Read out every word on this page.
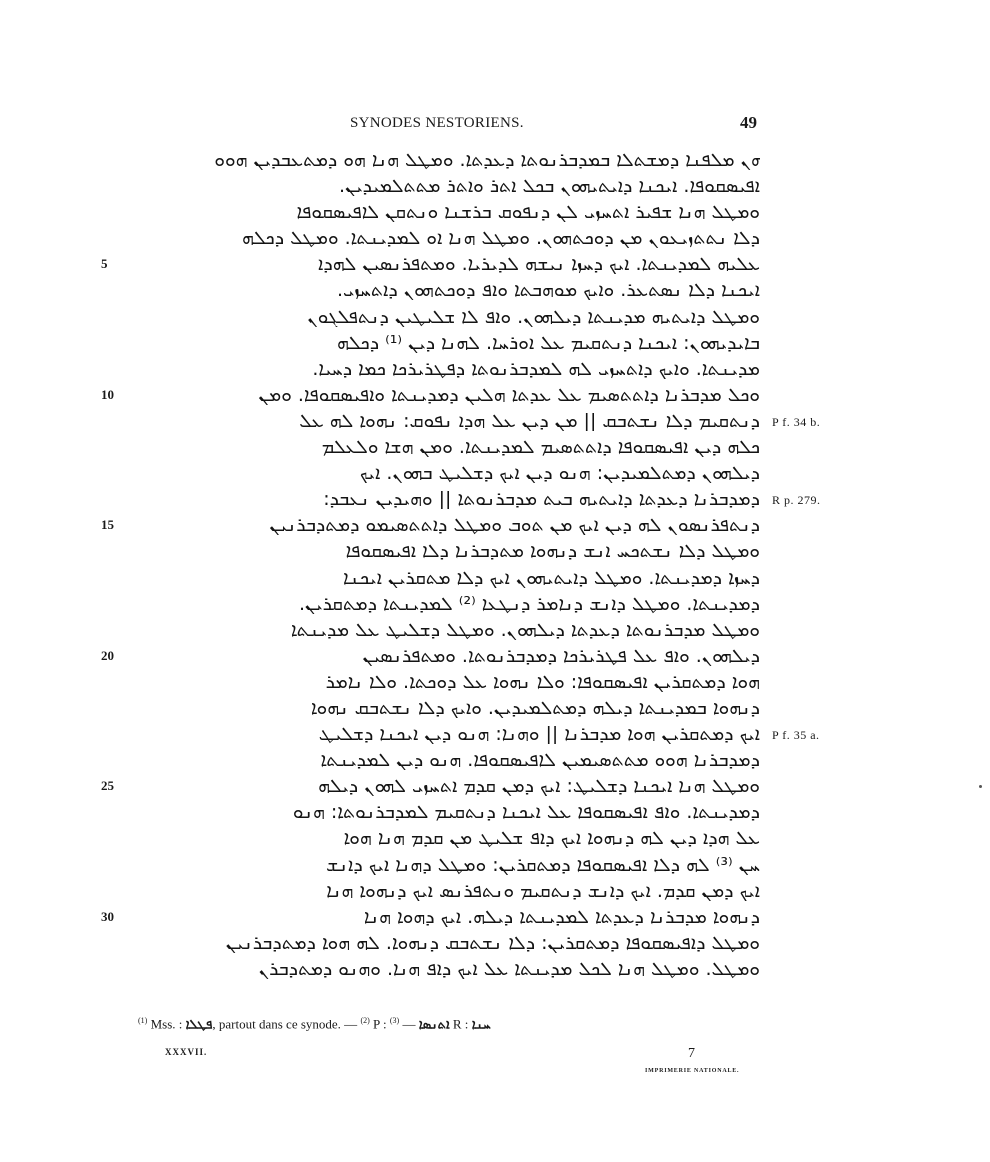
SYNODES NESTORIENS.	49
ܗܢ ܡܠܦܢܐ ܕܡܫܬܠܐ ܒܡܕܒܪܢܘܬܐ ܕܥܕܬܐ. ܘܡܛܠ ܗܢܐ ܗܘ ܕܡܬܥܒܕܝܢ ܗܘܘ
ܐܦܝܣܩܘܦܐ. ܐܝܟܢܐ ܕܐܝܬܝܗܘܢ ܒܟܠ ܐܬܪ ܘܐܬܪ ܡܬܬܠܡܝܕܝܢ.
ܘܡܛܠ ܗܢܐ ܫܦܝܪ ܐܬܚܙܝ ܠܢ ܕܢܦܘܩ ܒܪܫܢܐ ܘܢܬܩܢ ܠܐܦܝܣܩܘܦܐ
ܕܠܐ ܢܬܬܙܝܥܘܢ ܡܢ ܕܘܟܬܗܘܢ. ܘܡܛܠ ܗܢܐ ܐܘ ܠܡܕܝܢܬܐ. ܘܡܛܠ ܕܟܠܗ
5	ܥܠܝܗ ܠܡܕܝܢܬܐ. ܐܝܟ ܕܚܙܐ ܢܝܫܗ ܠܕܝܪܝܐ. ܘܡܬܦܪܢܣܝܢ ܠܗܕܐ
ܐܝܟܢܐ ܕܠܐ ܢܣܬܥܪ. ܘܐܝܟ ܡܘܗܒܬܐ ܘܐܦ ܕܘܟܬܗܘܢ ܕܐܬܚܙܝ.
ܘܡܛܠ ܕܐܝܬܝܗ ܡܕܝܢܬܐ ܕܝܠܗܘܢ. ܘܐܦ ܠܐ ܫܠܝܛܝܢ ܕܢܬܦܠܓܘܢ
ܒܐܝܕܝܗܘܢ: ܐܝܟܢܐ ܕܢܬܩܝܡ ܥܠ ܐܘܪܚܐ. ܠܗܢܐ ܕܝܢ ⁽¹⁾ ܕܟܠܗ
ܡܕܝܢܬܐ. ܘܐܝܟ ܕܐܬܚܙܝ ܠܗ ܠܡܕܒܪܢܘܬܐ ܕܦܛܪܝܪܟܐ ܟܡܐ ܕܚܝܐ.
10	ܘܟܠ ܡܕܒܪܢܐ ܕܐܬܬܣܝܡ ܥܠ ܥܕܬܐ ܗܠܝܢ ܕܡܕܝܢܬܐ ܘܐܦܝܣܩܘܦܐ. ܘܡܢ
ܕܢܬܩܝܡ ܕܠܐ ܢܫܬܒܩ || ܡܢ ܕܝܢ ܥܠ ܗܕܐ ܢܦܘܩ: ܢܗܘܐ ܠܗ ܥܠ P f. 34 b.
ܟܠܗ ܕܝܢ ܐܦܝܣܩܘܦܐ ܕܐܬܬܣܝܡ ܠܡܕܝܢܬܐ. ܘܡܢ ܗܫܐ ܘܠܥܠܡ
ܕܝܠܗܘܢ ܕܡܬܠܡܝܕܝܢ: ܗܢܘ ܕܝܢ ܐܝܟ ܕܫܠܝܛ ܒܗܘܢ. ܐܝܟ
ܕܡܕܒܪܢܐ ܕܥܕܬܐ ܕܐܝܬܝܗ ܒܝܬ ܡܕܒܪܢܘܬܐ || ܘܗܝܕܝܢ ܢܥܒܕ: R p. 279.
15	ܕܢܬܦܪܢܣܘܢ ܠܗ ܕܝܢ ܐܝܟ ܡܢ ܬܘܒ ܘܡܛܠ ܕܐܬܬܣܝܡܘ ܕܡܬܕܒܪܢܝܢ
ܘܡܛܠ ܕܠܐ ܢܫܬܟܚ ܐܢܫ ܕܢܗܘܐ ܡܬܕܒܪܢܐ ܕܠܐ ܐܦܝܣܩܘܦܐ
ܕܚܙܐ ܕܡܕܝܢܬܐ. ܘܡܛܠ ܕܐܝܬܝܗܘܢ ܐܝܟ ܕܠܐ ܡܬܩܪܝܢ ܐܝܟܢܐ
ܕܡܕܝܢܬܐ. ܘܡܛܠ ܕܐܢܫ ܕܢܐܡܪ ܕܢܛܥܐ ⁽²⁾ ܠܡܕܝܢܬܐ ܕܡܬܩܪܝܢ.
ܘܡܛܠ ܡܕܒܪܢܘܬܐ ܕܥܕܬܐ ܕܝܠܗܘܢ. ܘܡܛܠ ܕܫܠܝܛ ܥܠ ܡܕܝܢܬܐ
20	ܕܝܠܗܘܢ. ܘܐܦ ܥܠ ܦܛܪܝܪܟܐ ܕܡܕܒܪܢܘܬܐ. ܘܡܬܦܪܢܣܝܢ
ܗܘܐ ܕܡܬܩܪܝܢ ܐܦܝܣܩܘܦܐ: ܘܠܐ ܢܗܘܐ ܥܠ ܕܘܟܬܐ. ܘܠܐ ܢܐܡܪ
ܕܢܗܘܐ ܒܡܕܝܢܬܐ ܕܝܠܗ ܕܡܬܠܡܝܕܝܢ. ܘܐܝܟ ܕܠܐ ܢܫܬܒܩ ܢܗܘܐ
ܐܝܟ ܕܡܬܩܪܝܢ ܗܘܐ ܡܕܒܪܢܐ || ܘܗܢܐ: ܗܢܘ ܕܝܢ ܐܝܟܢܐ ܕܫܠܝܛ P f. 35 a.
ܕܡܕܒܪܢܐ ܗܘܘ ܡܬܬܣܝܡܝܢ ܠܐܦܝܣܩܘܦܐ. ܗܢܘ ܕܝܢ ܠܡܕܝܢܬܐ
25	ܘܡܛܠ ܗܢܐ ܐܝܟܢܐ ܕܫܠܝܛ: ܐܝܟ ܕܡܢ ܩܕܡ ܐܬܚܙܝ ܠܗܘܢ ܕܝܠܗ
ܕܡܕܝܢܬܐ. ܘܐܦ ܐܦܝܣܩܘܦܐ ܥܠ ܐܝܟܢܐ ܕܢܬܩܝܡ ܠܡܕܒܪܢܘܬܐ: ܗܢܘ
ܥܠ ܗܕܐ ܕܝܢ ܠܗ ܕܢܗܘܐ ܐܝܟ ܕܐܦ ܫܠܝܛ ܡܢ ܩܕܡ ܗܢܐ ܗܘܐ
ܚܢ ⁽³⁾ ܠܗ ܕܠܐ ܐܦܝܣܩܘܦܐ ܕܡܬܩܪܝܢ: ܘܡܛܠ ܕܗܢܐ ܐܝܟ ܕܐܢܫ
ܐܝܟ ܕܡܢ ܩܕܡ. ܐܝܟ ܕܐܢܫ ܕܢܬܩܝܡ ܘܢܬܦܪܢܣ ܐܝܟ ܕܢܗܘܐ ܗܢܐ
30	ܕܢܗܘܐ ܡܕܒܪܢܐ ܕܥܕܬܐ ܠܡܕܝܢܬܐ ܕܝܠܗ. ܐܝܟ ܕܗܘܐ ܗܢܐ
ܘܡܛܠ ܕܐܦܝܣܩܘܦܐ ܕܡܬܩܪܝܢ: ܕܠܐ ܢܫܬܒܩ ܕܢܗܘܐ. ܠܗ ܗܘܐ ܕܡܬܕܒܪܢܝܢ
ܘܡܛܠ. ܘܡܛܠ ܗܢܐ ܠܟܠ ܡܕܝܢܬܐ ܥܠ ܐܝܟ ܕܐܦ ܗܢܐ. ܘܗܢܘ ܕܡܬܕܒܪܢ
$^{(1)}$ Mss. : ܦܛܠܐ, partout dans ce synode. — $^{(2)}$ P : ܐܬܢܣܐ — $^{(3)}$	R : ܚܢܐ
XXXVII.	7
IMPRIMERIE NATIONALE.
